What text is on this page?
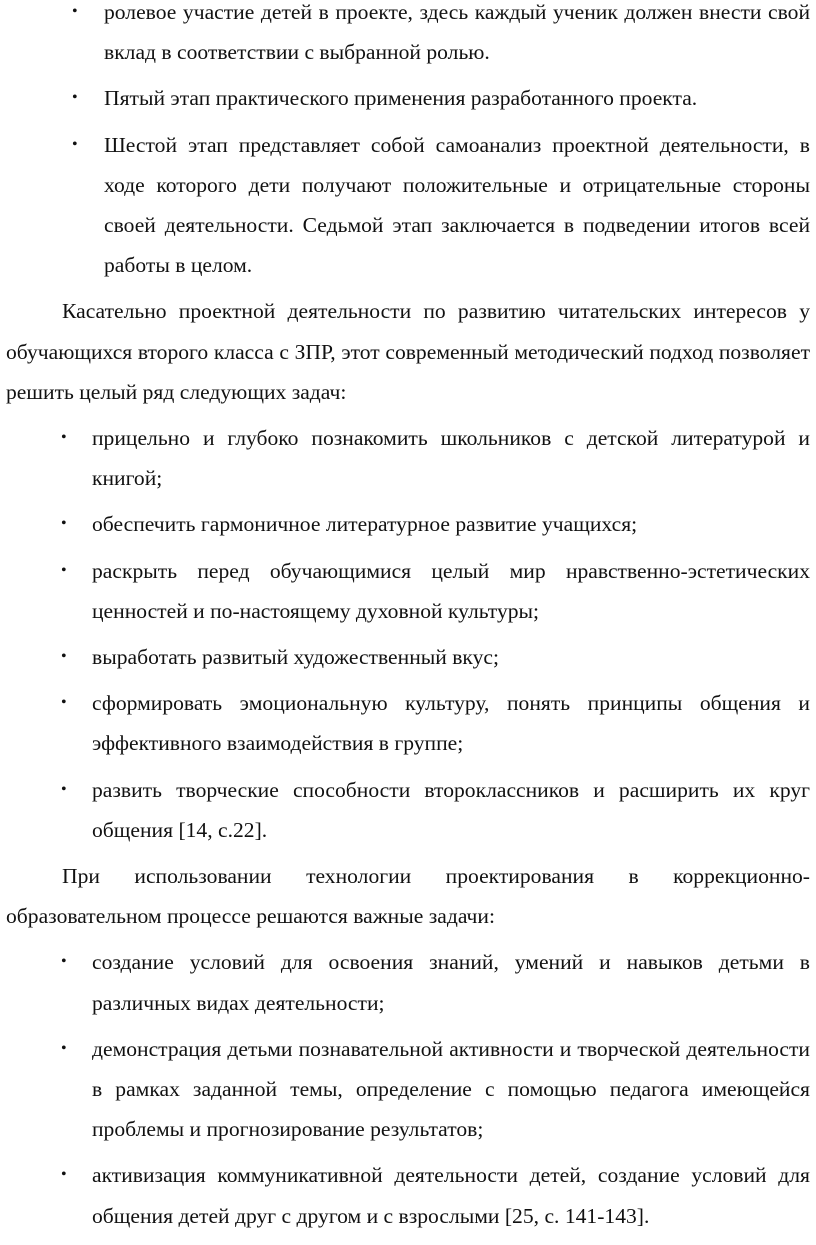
• ролевое участие детей в проекте, здесь каждый ученик должен внести свой вклад в соответствии с выбранной ролью.
• Пятый этап практического применения разработанного проекта.
• Шестой этап представляет собой самоанализ проектной деятельности, в ходе которого дети получают положительные и отрицательные стороны своей деятельности. Седьмой этап заключается в подведении итогов всей работы в целом.

Касательно проектной деятельности по развитию читательских интересов у обучающихся второго класса с ЗПР, этот современный методический подход позволяет решить целый ряд следующих задач:

• прицельно и глубоко познакомить школьников с детской литературой и книгой;
• обеспечить гармоничное литературное развитие учащихся;
• раскрыть перед обучающимися целый мир нравственно-эстетических ценностей и по-настоящему духовной культуры;
• выработать развитый художественный вкус;
• сформировать эмоциональную культуру, понять принципы общения и эффективного взаимодействия в группе;
• развить творческие способности второклассников и расширить их круг общения [14, с.22].

При использовании технологии проектирования в коррекционно-образовательном процессе решаются важные задачи:

• создание условий для освоения знаний, умений и навыков детьми в различных видах деятельности;
• демонстрация детьми познавательной активности и творческой деятельности в рамках заданной темы, определение с помощью педагога имеющейся проблемы и прогнозирование результатов;
• активизация коммуникативной деятельности детей, создание условий для общения детей друг с другом и с взрослыми [25, с. 141-143].
